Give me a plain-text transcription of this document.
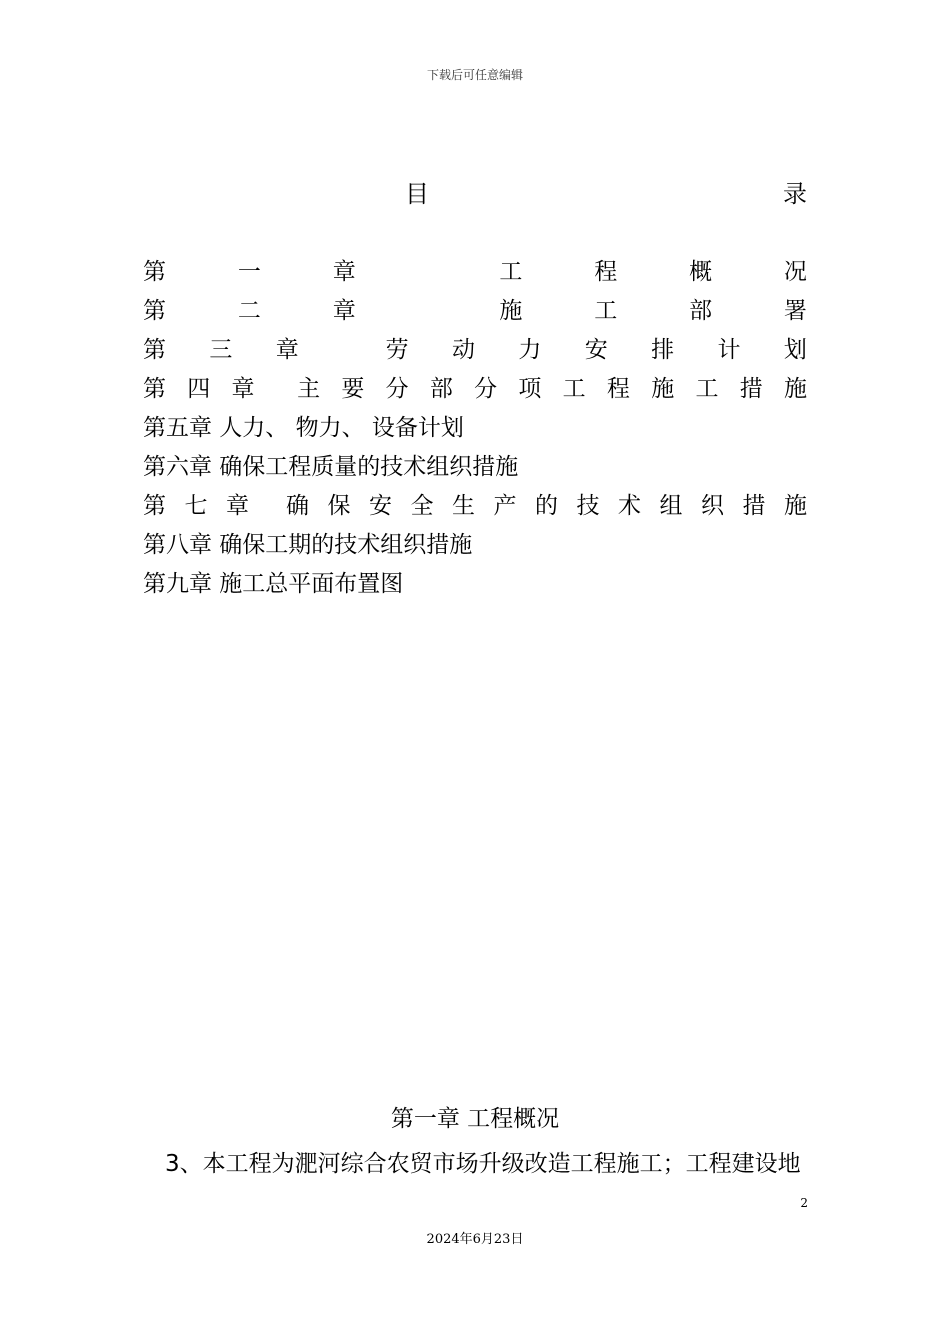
下载后可任意编辑
目	录
第	一	章	工	程	概	况
第	二	章	施	工	部	署
第 三 章	劳 动 力 安 排 计 划
第 四 章 主 要 分 部 分 项 工 程 施 工 措 施
第五章 人力、 物力、 设备计划
第六章 确保工程质量的技术组织措施
第 七 章 确 保 安 全 生 产 的 技 术 组 织 措 施
第八章 确保工期的技术组织措施
第九章 施工总平面布置图
第一章 工程概况
3、本工程为淝河综合农贸市场升级改造工程施工；工程建设地
2
2024年6月23日
